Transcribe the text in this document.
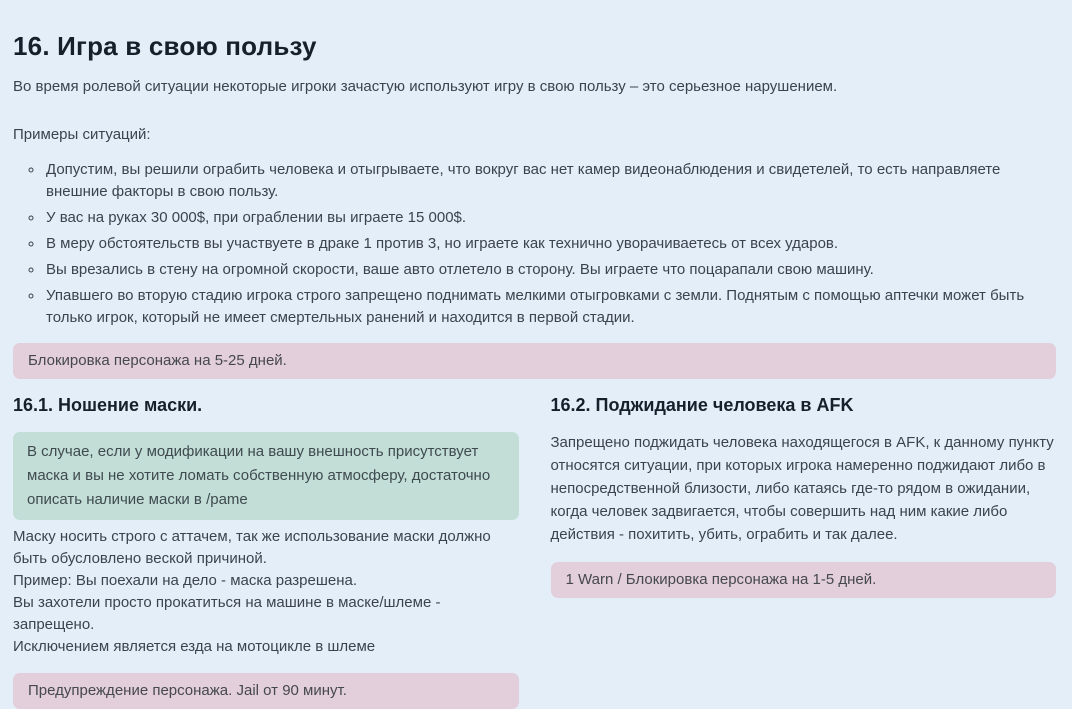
16. Игра в свою пользу

Во время ролевой ситуации некоторые игроки зачастую используют игру в свою пользу – это серьезное нарушением.

Примеры ситуаций:

◦ Допустим, вы решили ограбить человека и отыгрываете, что вокруг вас нет камер видеонаблюдения и свидетелей, то есть направляете внешние факторы в свою пользу.
◦ У вас на руках 30 000$, при ограблении вы играете 15 000$.
◦ В меру обстоятельств вы участвуете в драке 1 против 3, но играете как технично уворачиваетесь от всех ударов.
◦ Вы врезались в стену на огромной скорости, ваше авто отлетело в сторону. Вы играете что поцарапали свою машину.
◦ Упавшего во вторую стадию игрока строго запрещено поднимать мелкими отыгровками с земли. Поднятым с помощью аптечки может быть только игрок, который не имеет смертельных ранений и находится в первой стадии.
Блокировка персонажа на 5-25 дней.
16.1. Ношение маски.
В случае, если у модификации на вашу внешность присутствует маска и вы не хотите ломать собственную атмосферу, достаточно описать наличие маски в /pame
Маску носить строго с аттачем, так же использование маски должно быть обусловлено веской причиной.
Пример: Вы поехали на дело - маска разрешена.
Вы захотели просто прокатиться на машине в маске/шлеме - запрещено.
Исключением является езда на мотоцикле в шлеме
Предупреждение персонажа. Jail от 90 минут.
16.2. Поджидание человека в AFK

Запрещено поджидать человека находящегося в AFK, к данному пункту относятся ситуации, при которых игрока намеренно поджидают либо в непосредственной близости, либо катаясь где-то рядом в ожидании, когда человек задвигается, чтобы совершить над ним какие либо действия - похитить, убить, ограбить и так далее.

1 Warn / Блокировка персонажа на 1-5 дней.
